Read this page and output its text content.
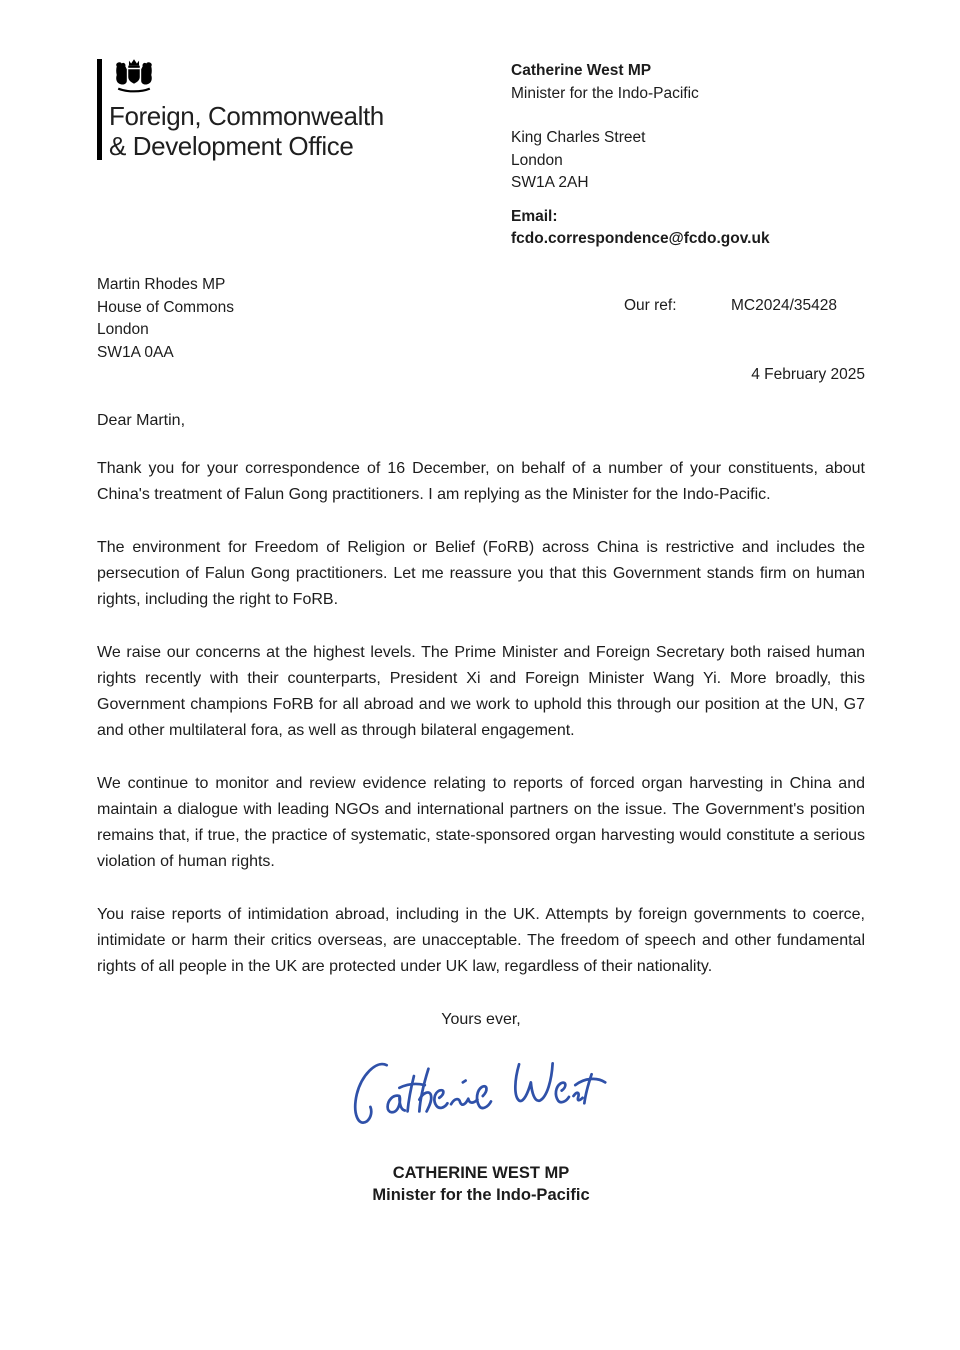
Foreign, Commonwealth
& Development Office
Catherine West MP
Minister for the Indo-Pacific
King Charles Street
London
SW1A 2AH
Email:
fcdo.correspondence@fcdo.gov.uk
Martin Rhodes MP
House of Commons
London
SW1A 0AA
Our ref:	MC2024/35428
4 February 2025
Dear Martin,

Thank you for your correspondence of 16 December, on behalf of a number of your constituents, about China's treatment of Falun Gong practitioners. I am replying as the Minister for the Indo-Pacific.

The environment for Freedom of Religion or Belief (FoRB) across China is restrictive and includes the persecution of Falun Gong practitioners. Let me reassure you that this Government stands firm on human rights, including the right to FoRB.

We raise our concerns at the highest levels. The Prime Minister and Foreign Secretary both raised human rights recently with their counterparts, President Xi and Foreign Minister Wang Yi. More broadly, this Government champions FoRB for all abroad and we work to uphold this through our position at the UN, G7 and other multilateral fora, as well as through bilateral engagement.

We continue to monitor and review evidence relating to reports of forced organ harvesting in China and maintain a dialogue with leading NGOs and international partners on the issue. The Government's position remains that, if true, the practice of systematic, state-sponsored organ harvesting would constitute a serious violation of human rights.

You raise reports of intimidation abroad, including in the UK. Attempts by foreign governments to coerce, intimidate or harm their critics overseas, are unacceptable. The freedom of speech and other fundamental rights of all people in the UK are protected under UK law, regardless of their nationality.

Yours ever,

CATHERINE WEST MP
Minister for the Indo-Pacific
